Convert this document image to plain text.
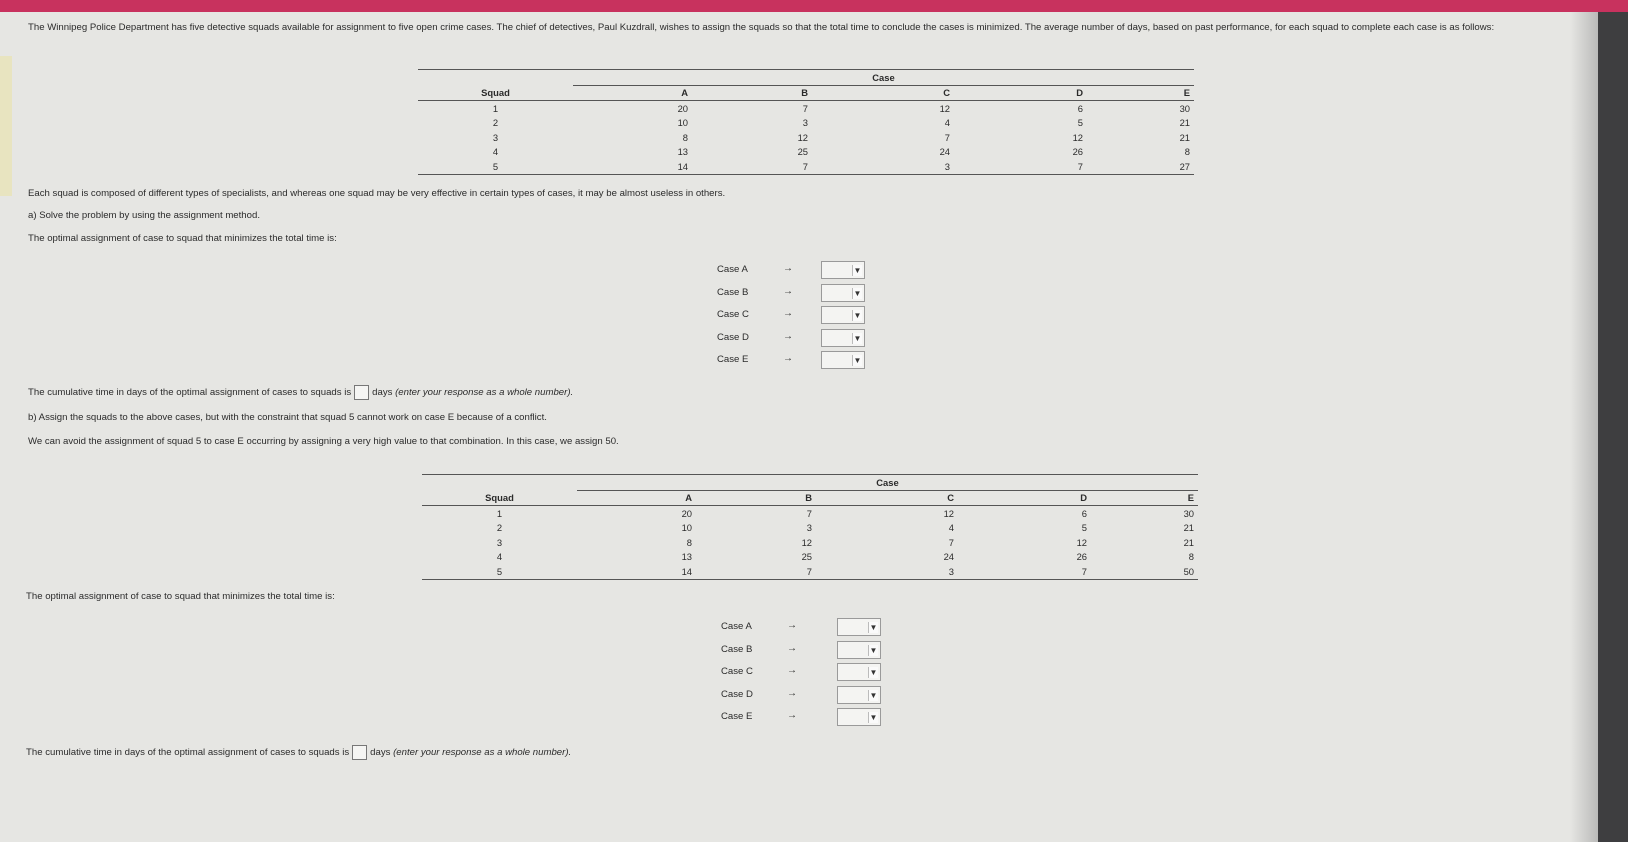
The Winnipeg Police Department has five detective squads available for assignment to five open crime cases. The chief of detectives, Paul Kuzdrall, wishes to assign the squads so that the total time to conclude the cases is minimized. The average number of days, based on past performance, for each squad to complete each case is as follows:
	Case				
Squad	A	B	C	D	E
1	20	7	12	6	30
2	10	3	4	5	21
3	8	12	7	12	21
4	13	25	24	26	8
5	14	7	3	7	27
Each squad is composed of different types of specialists, and whereas one squad may be very effective in certain types of cases, it may be almost useless in others.
a) Solve the problem by using the assignment method.
The optimal assignment of case to squad that minimizes the total time is:
Case A	→	▼
Case B	→	▼
Case C	→	▼
Case D	→	▼
Case E	→	▼
The cumulative time in days of the optimal assignment of cases to squads is days (enter your response as a whole number).
b) Assign the squads to the above cases, but with the constraint that squad 5 cannot work on case E because of a conflict.
We can avoid the assignment of squad 5 to case E occurring by assigning a very high value to that combination. In this case, we assign 50.
	Case				
Squad	A	B	C	D	E
1	20	7	12	6	30
2	10	3	4	5	21
3	8	12	7	12	21
4	13	25	24	26	8
5	14	7	3	7	50
The optimal assignment of case to squad that minimizes the total time is:
Case A	→	▼
Case B	→	▼
Case C	→	▼
Case D	→	▼
Case E	→	▼
The cumulative time in days of the optimal assignment of cases to squads is days (enter your response as a whole number).
